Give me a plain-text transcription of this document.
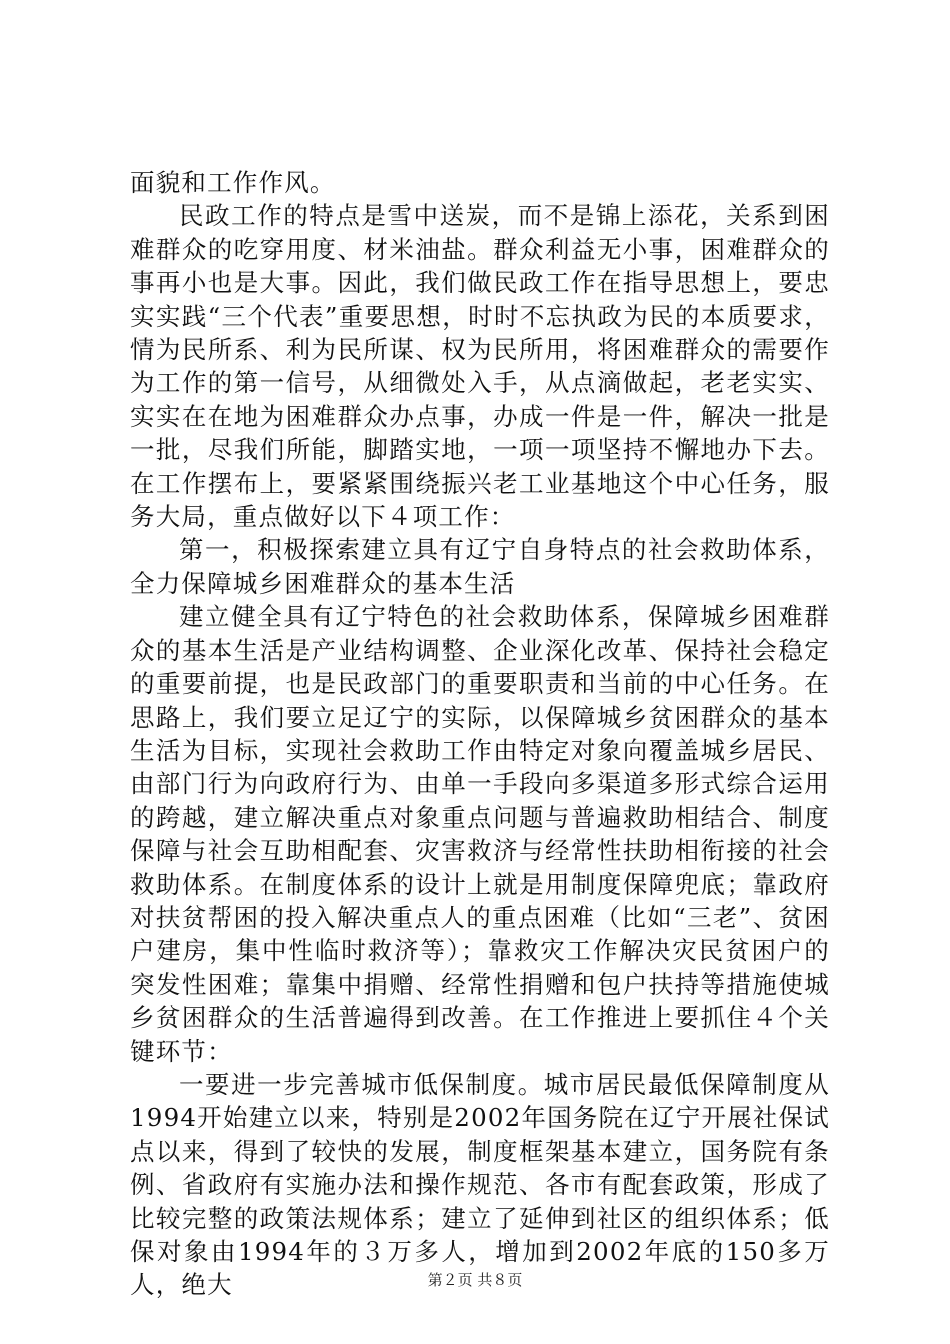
面貌和工作作风。

民政工作的特点是雪中送炭，而不是锦上添花，关系到困难群众的吃穿用度、材米油盐。群众利益无小事，困难群众的事再小也是大事。因此，我们做民政工作在指导思想上，要忠实实践“三个代表”重要思想，时时不忘执政为民的本质要求，情为民所系、利为民所谋、权为民所用，将困难群众的需要作为工作的第一信号，从细微处入手，从点滴做起，老老实实、实实在在地为困难群众办点事，办成一件是一件，解决一批是一批，尽我们所能，脚踏实地，一项一项坚持不懈地办下去。在工作摆布上，要紧紧围绕振兴老工业基地这个中心任务，服务大局，重点做好以下４项工作：

第一，积极探索建立具有辽宁自身特点的社会救助体系，全力保障城乡困难群众的基本生活

建立健全具有辽宁特色的社会救助体系，保障城乡困难群众的基本生活是产业结构调整、企业深化改革、保持社会稳定的重要前提，也是民政部门的重要职责和当前的中心任务。在思路上，我们要立足辽宁的实际，以保障城乡贫困群众的基本生活为目标，实现社会救助工作由特定对象向覆盖城乡居民、由部门行为向政府行为、由单一手段向多渠道多形式综合运用的跨越，建立解决重点对象重点问题与普遍救助相结合、制度保障与社会互助相配套、灾害救济与经常性扶助相衔接的社会救助体系。在制度体系的设计上就是用制度保障兜底；靠政府对扶贫帮困的投入解决重点人的重点困难（比如“三老”、贫困户建房，集中性临时救济等）；靠救灾工作解决灾民贫困户的突发性困难；靠集中捐赠、经常性捐赠和包户扶持等措施使城乡贫困群众的生活普遍得到改善。在工作推进上要抓住４个关键环节：

一要进一步完善城市低保制度。城市居民最低保障制度从1994开始建立以来，特别是2002年国务院在辽宁开展社保试点以来，得到了较快的发展，制度框架基本建立，国务院有条例、省政府有实施办法和操作规范、各市有配套政策，形成了比较完整的政策法规体系；建立了延伸到社区的组织体系；低保对象由1994年的３万多人，增加到2002年底的150多万人，绝大	第２页 共８页
